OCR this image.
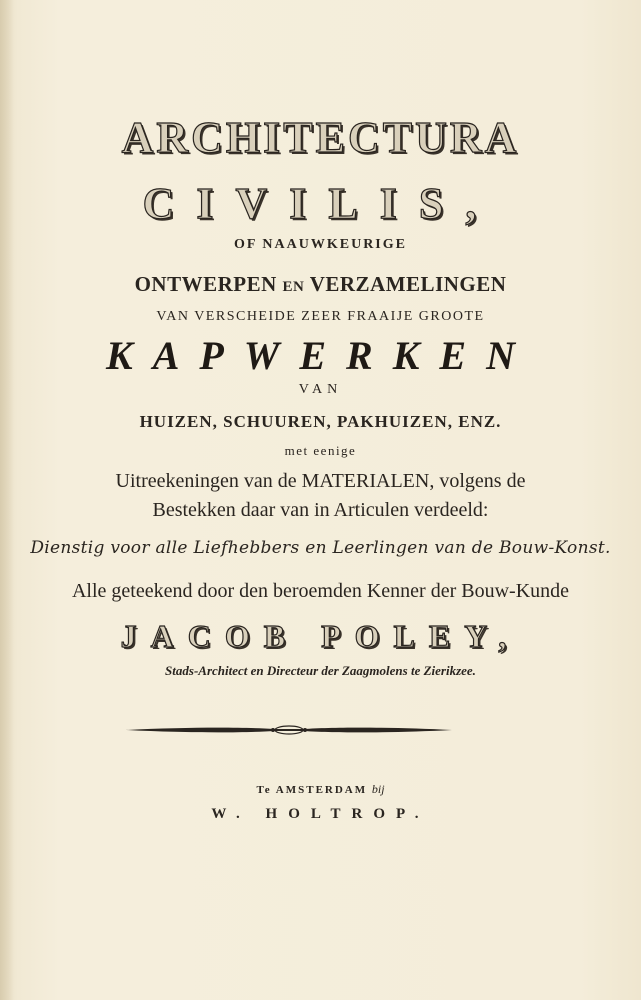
ARCHITECTURA

CIVILIS,

OF NAAUWKEURIGE

ONTWERPEN EN VERZAMELINGEN

VAN VERSCHEIDE ZEER FRAAIJE GROOTE

KAPWERKEN

VAN

HUIZEN, SCHUUREN, PAKHUIZEN, ENZ.

met eenige

Uitreekeningen van de MATERIALEN, volgens de

Bestekken daar van in Articulen verdeeld:

Dienstig voor alle Liefhebbers en Leerlingen van de Bouw-Konst.

Alle geteekend door den beroemden Kenner der Bouw-Kunde

JACOB POLEY,

Stads-Architect en Directeur der Zaagmolens te Zierikzee.

Te AMSTERDAM bij

W. HOLTROP.
